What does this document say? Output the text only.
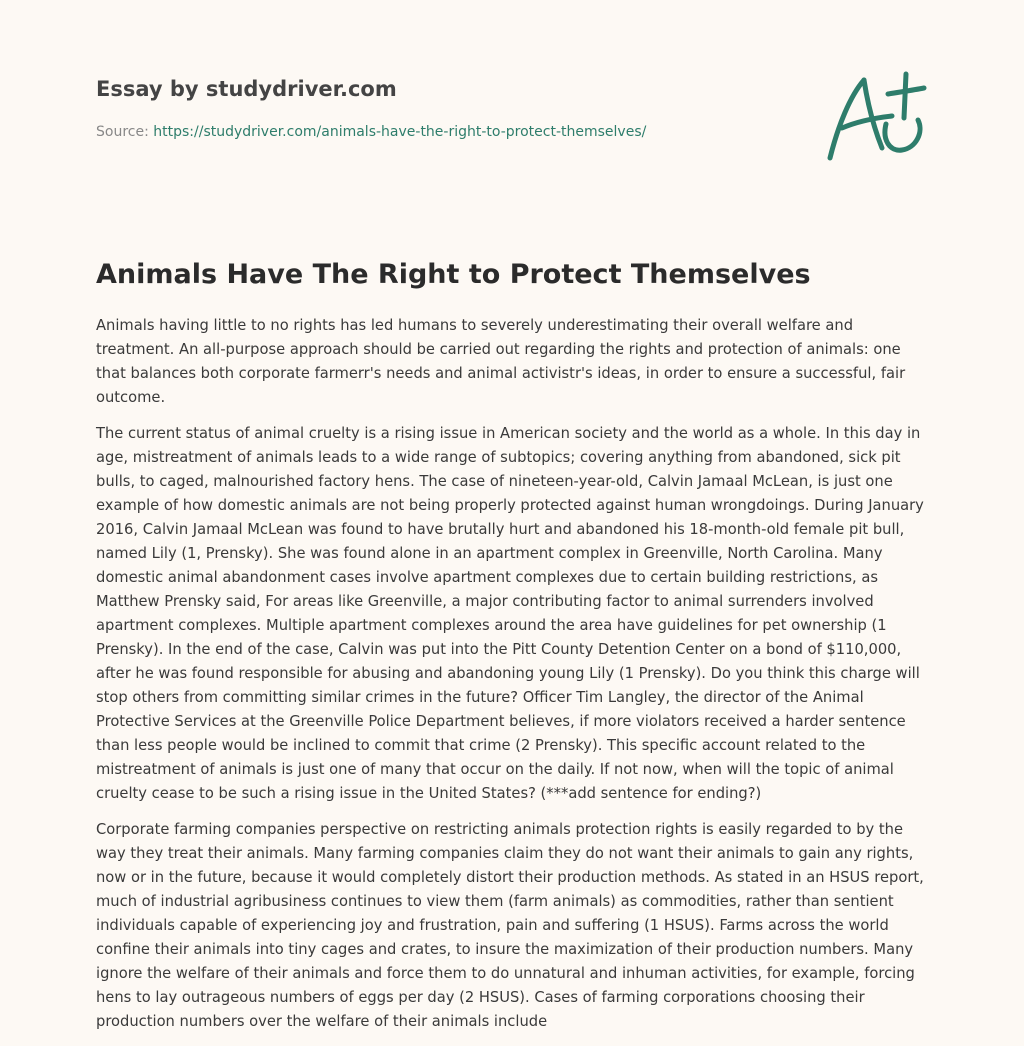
Essay by studydriver.com
Source: https://studydriver.com/animals-have-the-right-to-protect-themselves/
Animals Have The Right to Protect Themselves

Animals having little to no rights has led humans to severely underestimating their overall welfare and treatment. An all-purpose approach should be carried out regarding the rights and protection of animals: one that balances both corporate farmerr's needs and animal activistr's ideas, in order to ensure a successful, fair outcome.

The current status of animal cruelty is a rising issue in American society and the world as a whole. In this day in age, mistreatment of animals leads to a wide range of subtopics; covering anything from abandoned, sick pit bulls, to caged, malnourished factory hens. The case of nineteen-year-old, Calvin Jamaal McLean, is just one example of how domestic animals are not being properly protected against human wrongdoings. During January 2016, Calvin Jamaal McLean was found to have brutally hurt and abandoned his 18-month-old female pit bull, named Lily (1, Prensky). She was found alone in an apartment complex in Greenville, North Carolina. Many domestic animal abandonment cases involve apartment complexes due to certain building restrictions, as Matthew Prensky said, For areas like Greenville, a major contributing factor to animal surrenders involved apartment complexes. Multiple apartment complexes around the area have guidelines for pet ownership (1 Prensky). In the end of the case, Calvin was put into the Pitt County Detention Center on a bond of $110,000, after he was found responsible for abusing and abandoning young Lily (1 Prensky). Do you think this charge will stop others from committing similar crimes in the future? Officer Tim Langley, the director of the Animal Protective Services at the Greenville Police Department believes, if more violators received a harder sentence than less people would be inclined to commit that crime (2 Prensky). This specific account related to the mistreatment of animals is just one of many that occur on the daily. If not now, when will the topic of animal cruelty cease to be such a rising issue in the United States? (***add sentence for ending?)

Corporate farming companies perspective on restricting animals protection rights is easily regarded to by the way they treat their animals. Many farming companies claim they do not want their animals to gain any rights, now or in the future, because it would completely distort their production methods. As stated in an HSUS report, much of industrial agribusiness continues to view them (farm animals) as commodities, rather than sentient individuals capable of experiencing joy and frustration, pain and suffering (1 HSUS). Farms across the world confine their animals into tiny cages and crates, to insure the maximization of their production numbers. Many ignore the welfare of their animals and force them to do unnatural and inhuman activities, for example, forcing hens to lay outrageous numbers of eggs per day (2 HSUS). Cases of farming corporations choosing their production numbers over the welfare of their animals include
